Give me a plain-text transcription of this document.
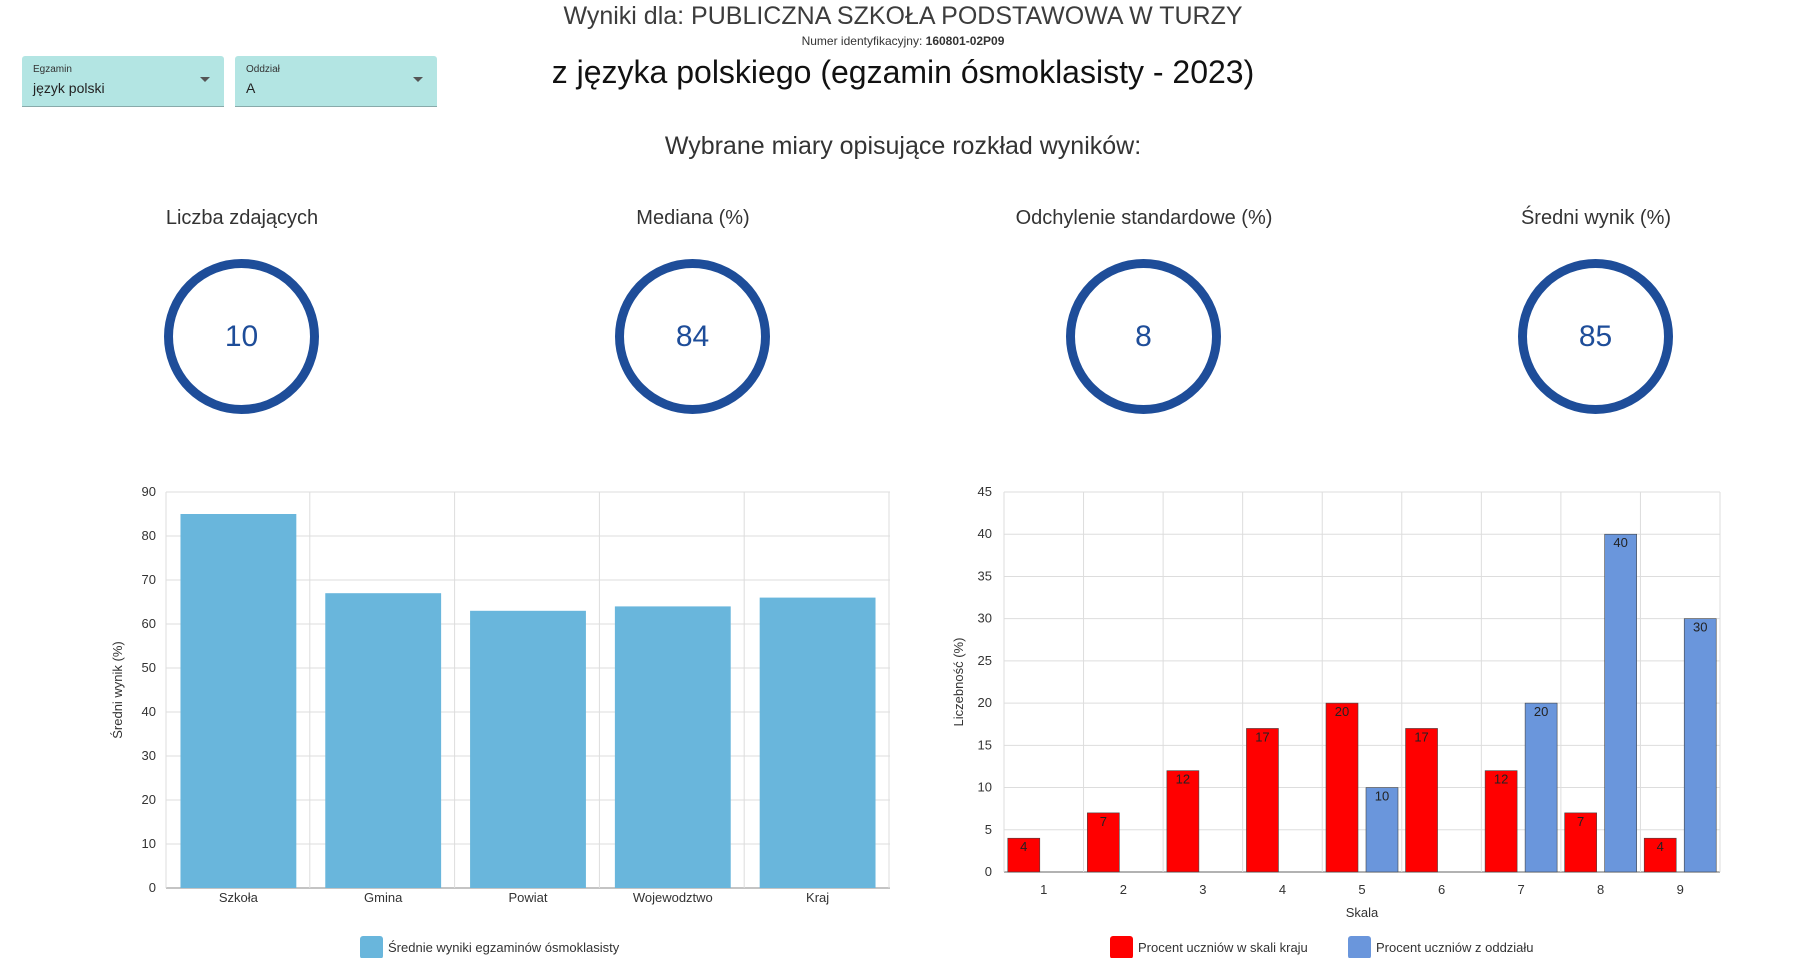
Wyniki dla: PUBLICZNA SZKOŁA PODSTAWOWA W TURZY
Numer identyfikacyjny: 160801-02P09
z języka polskiego (egzamin ósmoklasisty - 2023)
Egzamin
język polski
Oddział
A
Wybrane miary opisujące rozkład wyników:
Liczba zdających
10
Mediana (%)
84
Odchylenie standardowe (%)
8
Średni wynik (%)
85
0
10
20
30
40
50
60
70
80
90
Szkoła	Gmina	Powiat	Wojewodztwo	Kraj
Średni wynik (%)
Średnie wyniki egzaminów ósmoklasisty
0
5
10
15
20
25
30
35
40
45
4
1
7
2
12
3
17
4
20
10
5
17
6
12
20
7
7
40
8
4
30
9
Skala
Liczebność (%)
Procent uczniów w skali kraju	Procent uczniów z oddziału
